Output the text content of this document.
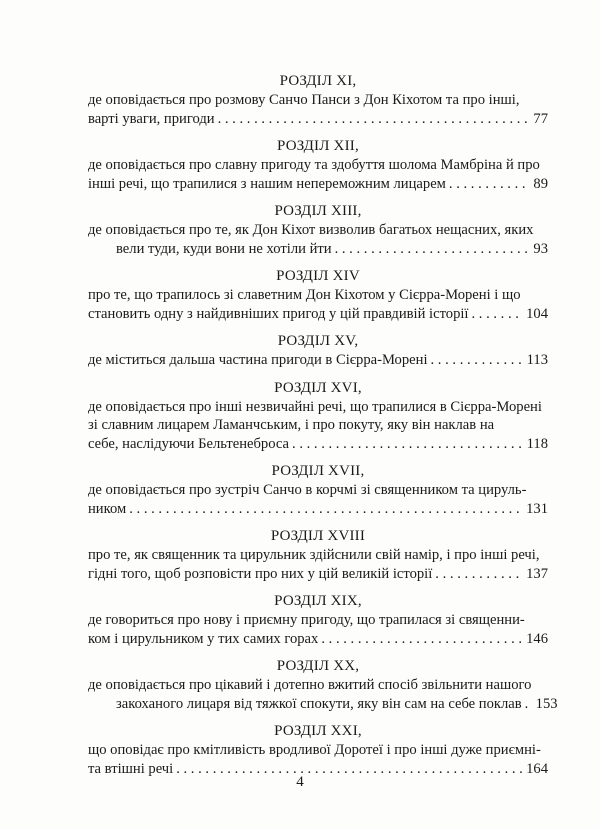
РОЗДІЛ XI,
де оповідається про розмову Санчо Панси з Дон Кіхотом та про інші,
варті уваги, пригоди . . .	77
РОЗДІЛ XII,
де оповідається про славну пригоду та здобуття шолома Мамбріна й про
інші речі, що трапилися з нашим непереможним лицарем . . .	89
РОЗДІЛ XIII,
де оповідається про те, як Дон Кіхот визволив багатьох нещасних, яких
вели туди, куди вони не хотіли йти . . .	93
РОЗДІЛ XIV
про те, що трапилось зі славетним Дон Кіхотом у Сієрра-Морені і що
становить одну з найдивніших пригод у цій правдивій історії . . .	104
РОЗДІЛ XV,
де міститься дальша частина пригоди в Сієрра-Морені . . .	113
РОЗДІЛ XVI,
де оповідається про інші незвичайні речі, що трапилися в Сієрра-Морені
зі славним лицарем Ламанчським, і про покуту, яку він наклав на
себе, наслідуючи Бельтенеброса . . .	118
РОЗДІЛ XVII,
де оповідається про зустріч Санчо в корчмі зі священником та цируль-
ником . . .	131
РОЗДІЛ XVIII
про те, як священник та цирульник здійснили свій намір, і про інші речі,
гідні того, щоб розповісти про них у цій великій історії . . .	137
РОЗДІЛ XIX,
де говориться про нову і приємну пригоду, що трапилася зі священни-
ком і цирульником у тих самих горах . . .	146
РОЗДІЛ XX,
де оповідається про цікавий і дотепно вжитий спосіб звільнити нашого
закоханого лицаря від тяжкої спокути, яку він сам на себе поклав . . . 153
РОЗДІЛ XXI,
що оповідає про кмітливість вродливої Доротеї і про інші дуже приємні-
та втішні речі . . .	164
4
